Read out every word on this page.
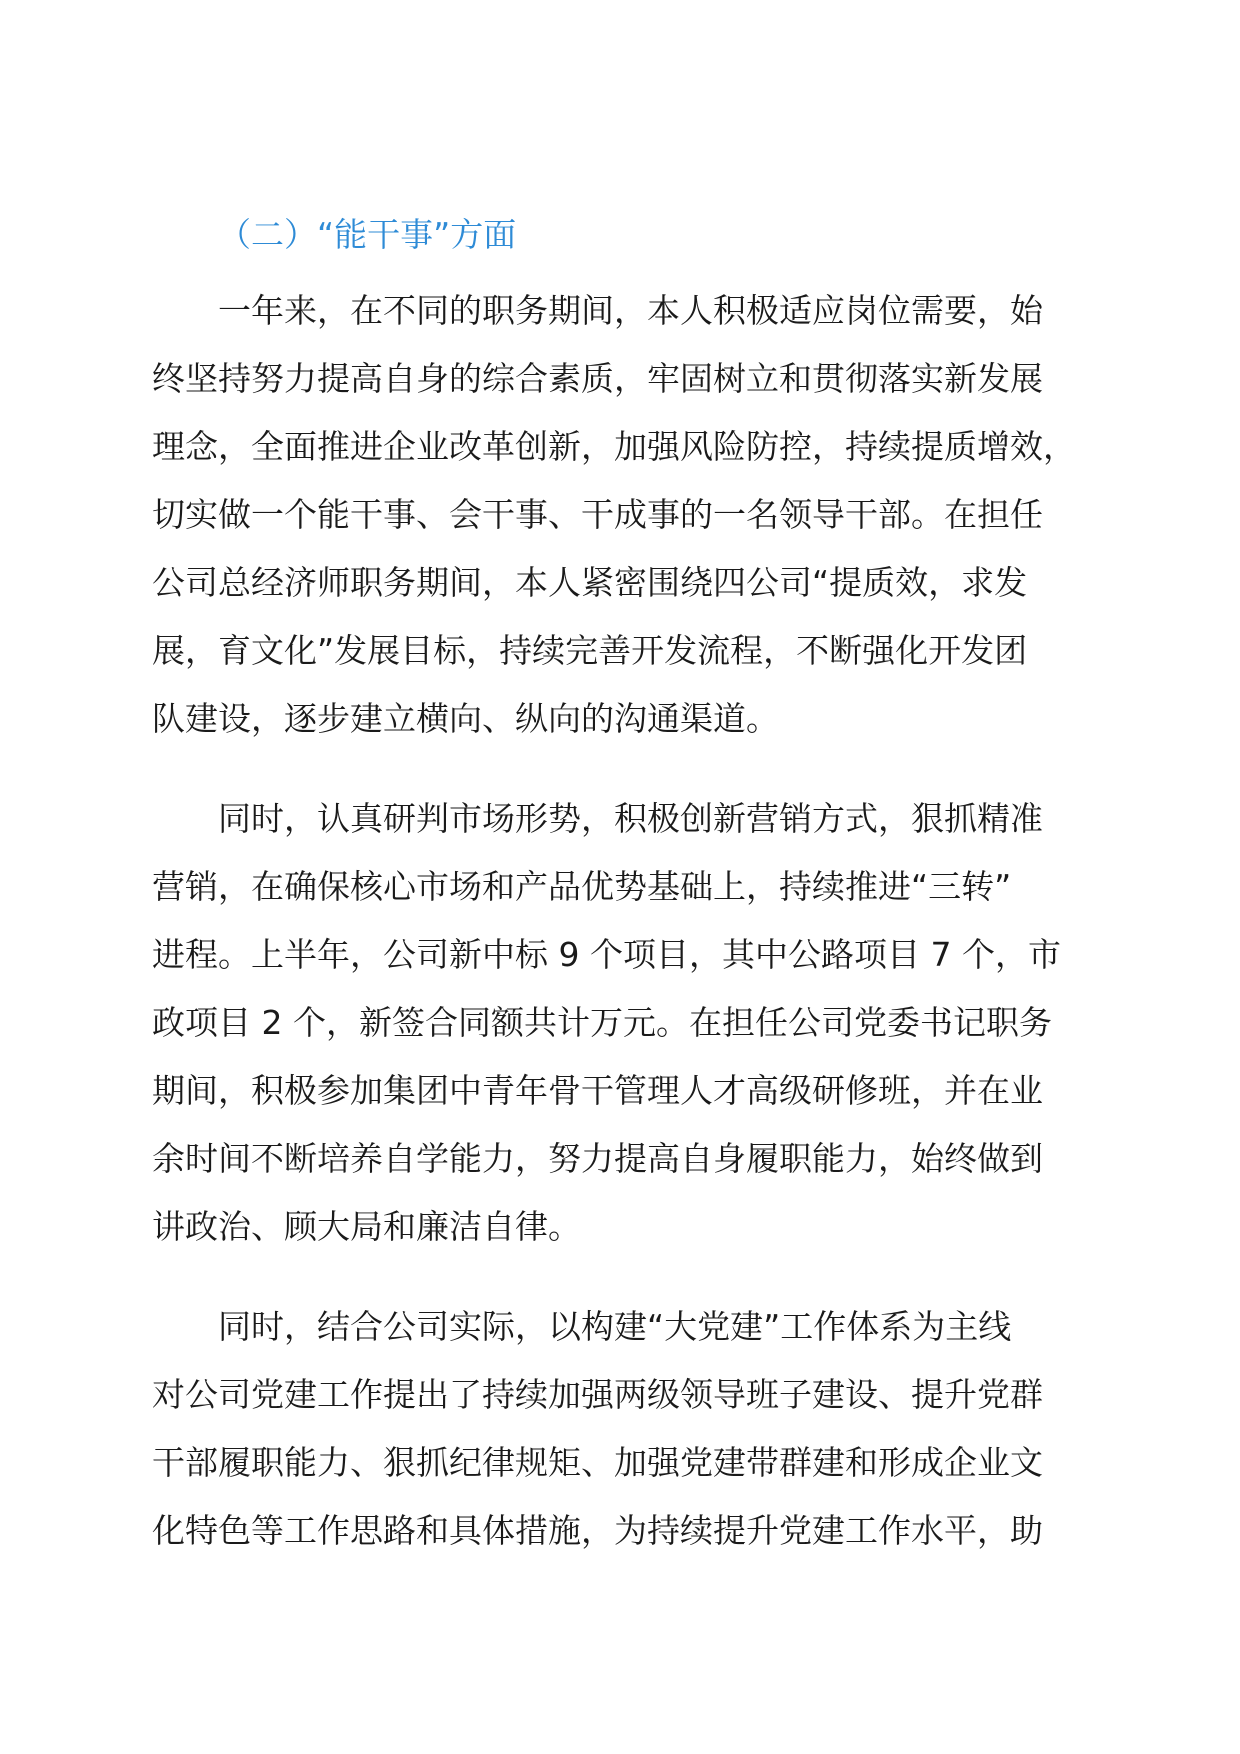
（二）“能干事”方面
一年来，在不同的职务期间，本人积极适应岗位需要，始
终坚持努力提高自身的综合素质，牢固树立和贯彻落实新发展
理念，全面推进企业改革创新，加强风险防控，持续提质增效，
切实做一个能干事、会干事、干成事的一名领导干部。在担任
公司总经济师职务期间，本人紧密围绕四公司“提质效，求发
展，育文化”发展目标，持续完善开发流程，不断强化开发团
队建设，逐步建立横向、纵向的沟通渠道。
同时，认真研判市场形势，积极创新营销方式，狠抓精准
营销，在确保核心市场和产品优势基础上，持续推进“三转”
进程。上半年，公司新中标 9 个项目，其中公路项目 7 个，市
政项目 2 个，新签合同额共计万元。在担任公司党委书记职务
期间，积极参加集团中青年骨干管理人才高级研修班，并在业
余时间不断培养自学能力，努力提高自身履职能力，始终做到
讲政治、顾大局和廉洁自律。
同时，结合公司实际，以构建“大党建”工作体系为主线
对公司党建工作提出了持续加强两级领导班子建设、提升党群
干部履职能力、狠抓纪律规矩、加强党建带群建和形成企业文
化特色等工作思路和具体措施，为持续提升党建工作水平，助
